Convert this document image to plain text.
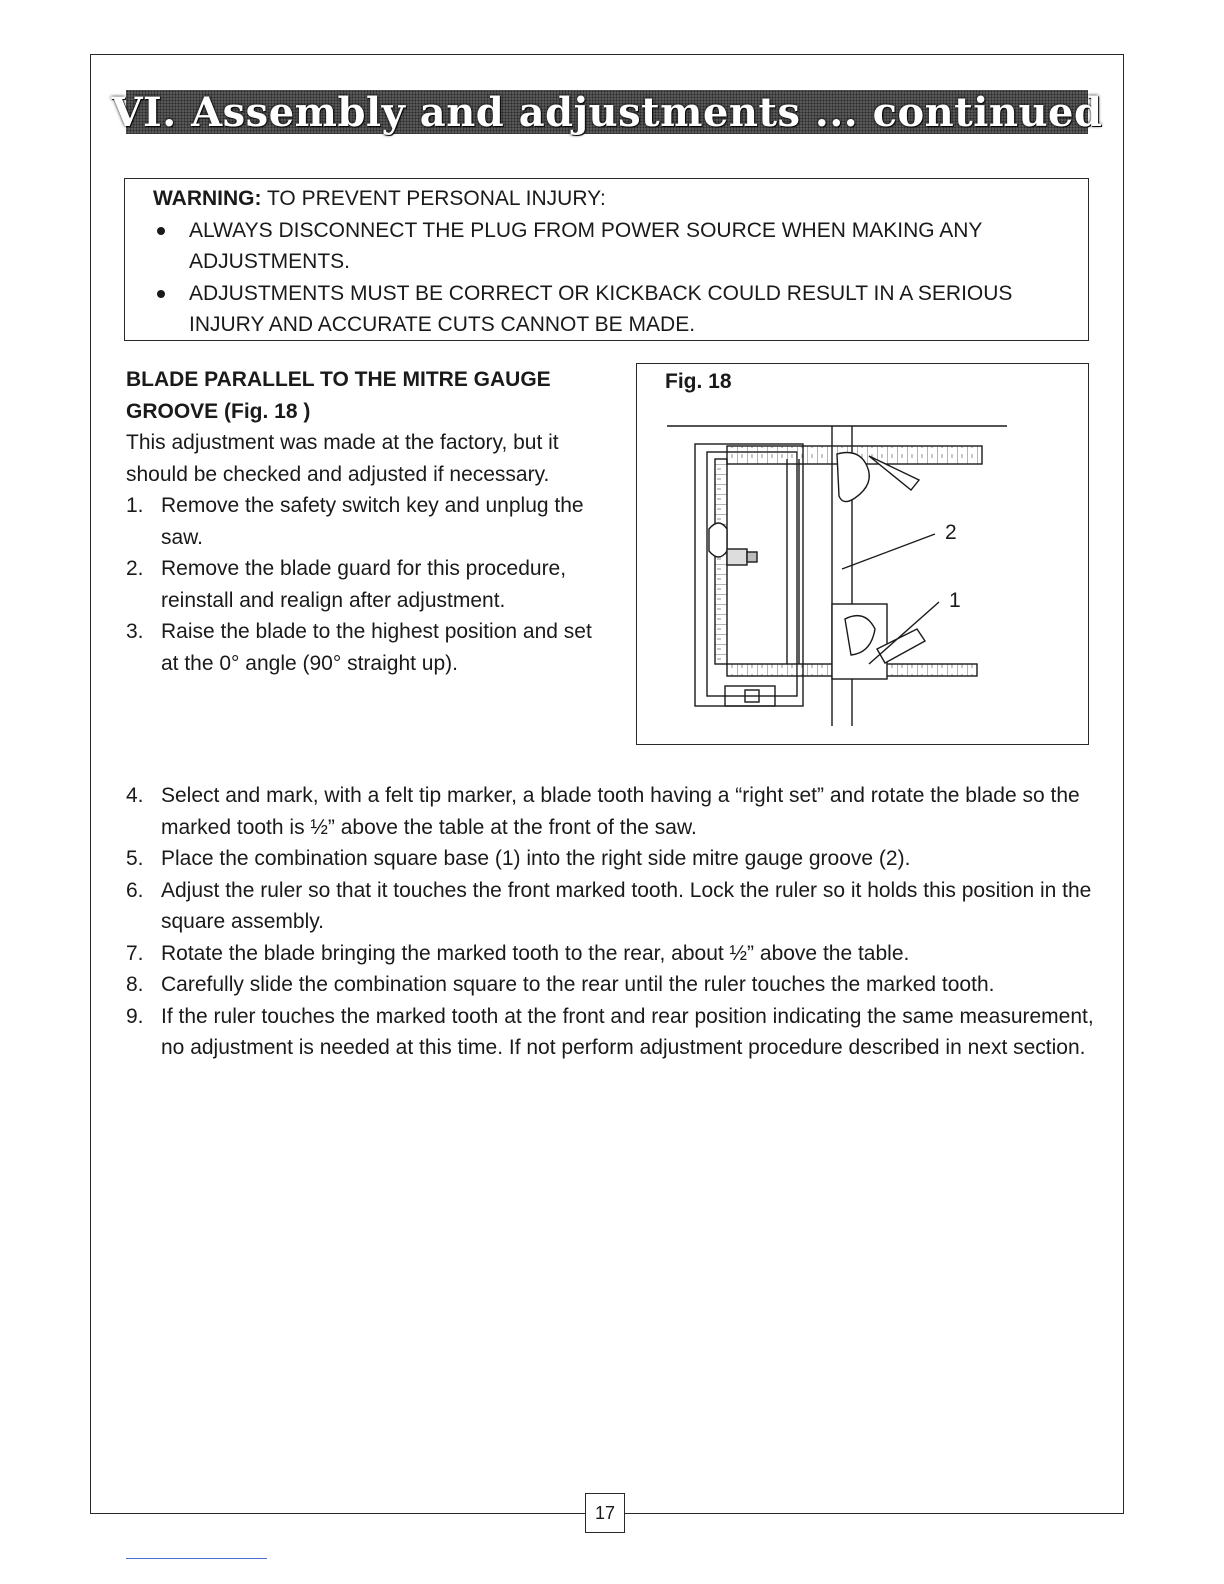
17
VI. Assembly and adjustments ... continued
WARNING: TO PREVENT PERSONAL INJURY:
ALWAYS DISCONNECT THE PLUG FROM POWER SOURCE WHEN MAKING ANY ADJUSTMENTS.
ADJUSTMENTS MUST BE CORRECT OR KICKBACK COULD RESULT IN A SERIOUS INJURY AND ACCURATE CUTS CANNOT BE MADE.

BLADE PARALLEL TO THE MITRE GAUGE GROOVE (Fig. 18 )

This adjustment was made at the factory, but it should be checked and adjusted if necessary.

1. Remove the safety switch key and unplug the saw.
2. Remove the blade guard for this procedure, reinstall and realign after adjustment.
3. Raise the blade to the highest position and set at the 0° angle (90° straight up).
4. Select and mark, with a felt tip marker, a blade tooth having a “right set” and rotate the blade so the marked tooth is ½” above the table at the front of the saw.
5. Place the combination square base (1) into the right side mitre gauge groove (2).
6. Adjust the ruler so that it touches the front marked tooth. Lock the ruler so it holds this position in the square assembly.
7. Rotate the blade bringing the marked tooth to the rear, about ½” above the table.
8. Carefully slide the combination square to the rear until the ruler touches the marked tooth.
9. If the ruler touches the marked tooth at the front and rear position indicating the same measurement, no adjustment is needed at this time. If not perform adjustment procedure described in next section.
Fig. 18
2
1
